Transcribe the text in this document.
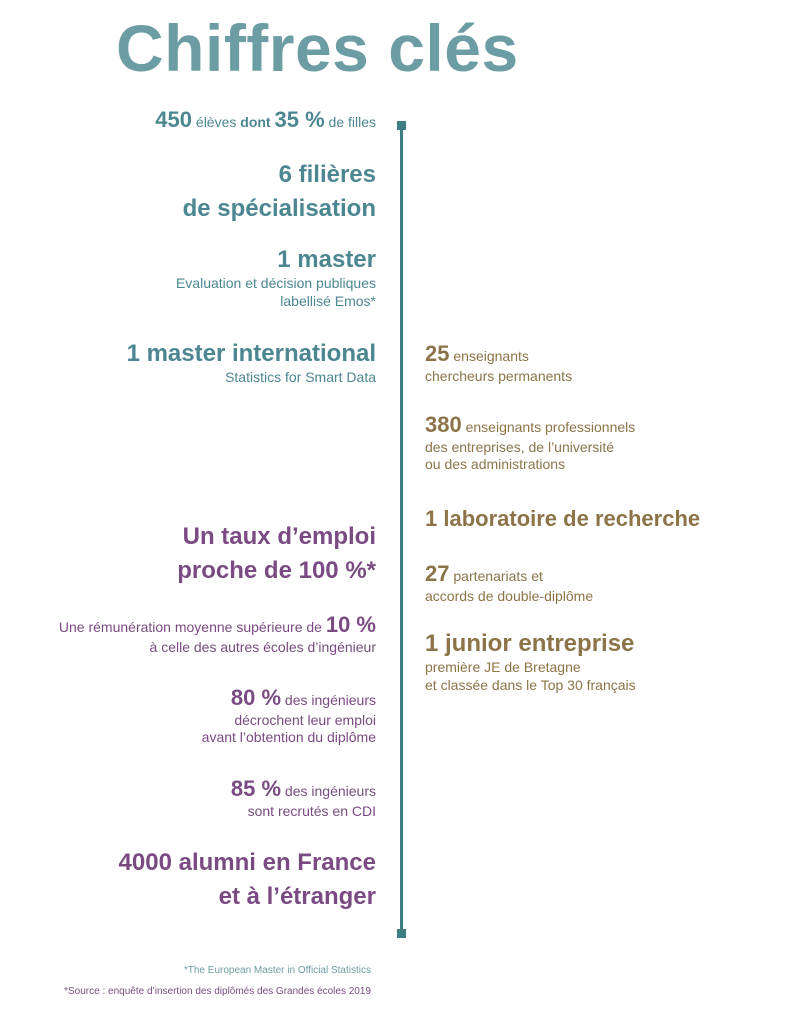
Chiffres clés
450 élèves dont 35 % de filles
6 filières
de spécialisation
1 master
Evaluation et décision publiques
labellisé Emos*
1 master international
Statistics for Smart Data
Un taux d’emploi
proche de 100 %*
Une rémunération moyenne supérieure de 10 %
à celle des autres écoles d’ingénieur
80 % des ingénieurs
décrochent leur emploi
avant l’obtention du diplôme
85 % des ingénieurs
sont recrutés en CDI
4000 alumni en France
et à l’étranger
25 enseignants
chercheurs permanents
380 enseignants professionnels
des entreprises, de l’université
ou des administrations
1 laboratoire de recherche
27 partenariats et
accords de double-diplôme
1 junior entreprise
première JE de Bretagne
et classée dans le Top 30 français
*The European Master in Official Statistics
*Source : enquête d’insertion des diplômés des Grandes écoles 2019
